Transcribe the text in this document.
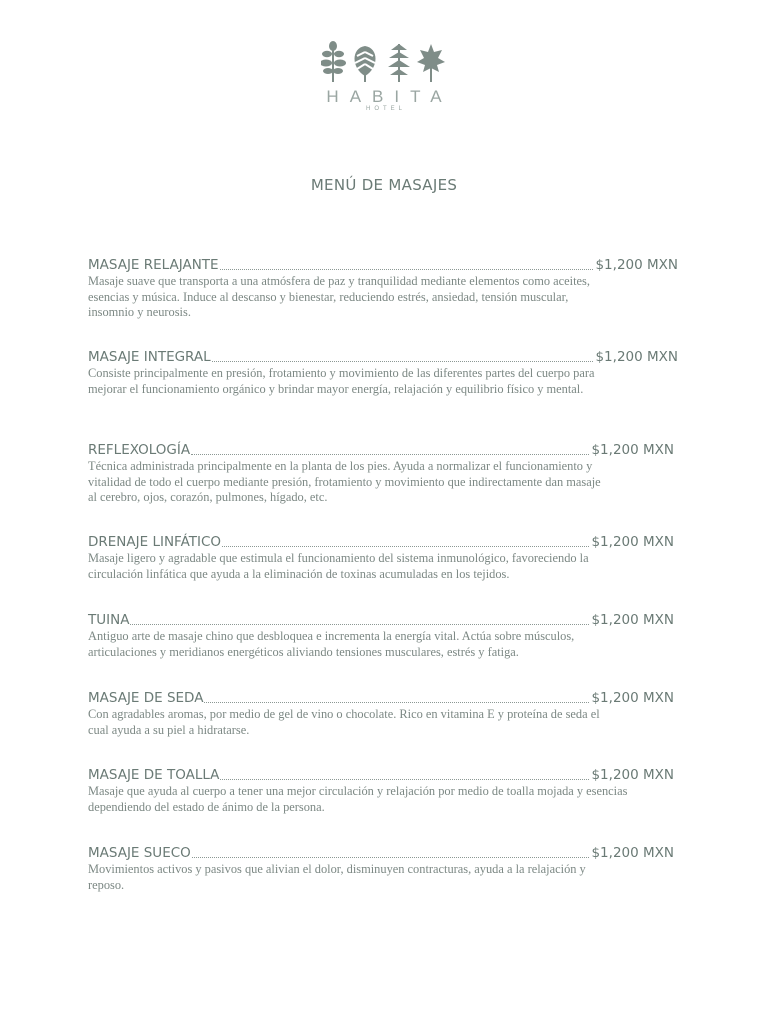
HABITA
HOTEL
MENÚ DE MASAJES
MASAJE RELAJANTE	$1,200 MXN

Masaje suave que transporta a una atmósfera de paz y tranquilidad mediante elementos como aceites, esencias y música. Induce al descanso y bienestar, reduciendo estrés, ansiedad, tensión muscular, insomnio y neurosis.

MASAJE INTEGRAL	$1,200 MXN

Consiste principalmente en presión, frotamiento y movimiento de las diferentes partes del cuerpo para mejorar el funcionamiento orgánico y brindar mayor energía, relajación y equilibrio físico y mental.

REFLEXOLOGÍA	$1,200 MXN

Técnica administrada principalmente en la planta de los pies. Ayuda a normalizar el funcionamiento y vitalidad de todo el cuerpo mediante presión, frotamiento y movimiento que indirectamente dan masaje al cerebro, ojos, corazón, pulmones, hígado, etc.

DRENAJE LINFÁTICO	$1,200 MXN

Masaje ligero y agradable que estimula el funcionamiento del sistema inmunológico, favoreciendo la circulación linfática que ayuda a la eliminación de toxinas acumuladas en los tejidos.

TUINA	$1,200 MXN

Antiguo arte de masaje chino que desbloquea e incrementa la energía vital. Actúa sobre músculos, articulaciones y meridianos energéticos aliviando tensiones musculares, estrés y fatiga.

MASAJE DE SEDA	$1,200 MXN

Con agradables aromas, por medio de gel de vino o chocolate. Rico en vitamina E y proteína de seda el cual ayuda a su piel a hidratarse.

MASAJE DE TOALLA	$1,200 MXN

Masaje que ayuda al cuerpo a tener una mejor circulación y relajación por medio de toalla mojada y esencias dependiendo del estado de ánimo de la persona.

MASAJE SUECO	$1,200 MXN

Movimientos activos y pasivos que alivian el dolor, disminuyen contracturas, ayuda a la relajación y reposo.
